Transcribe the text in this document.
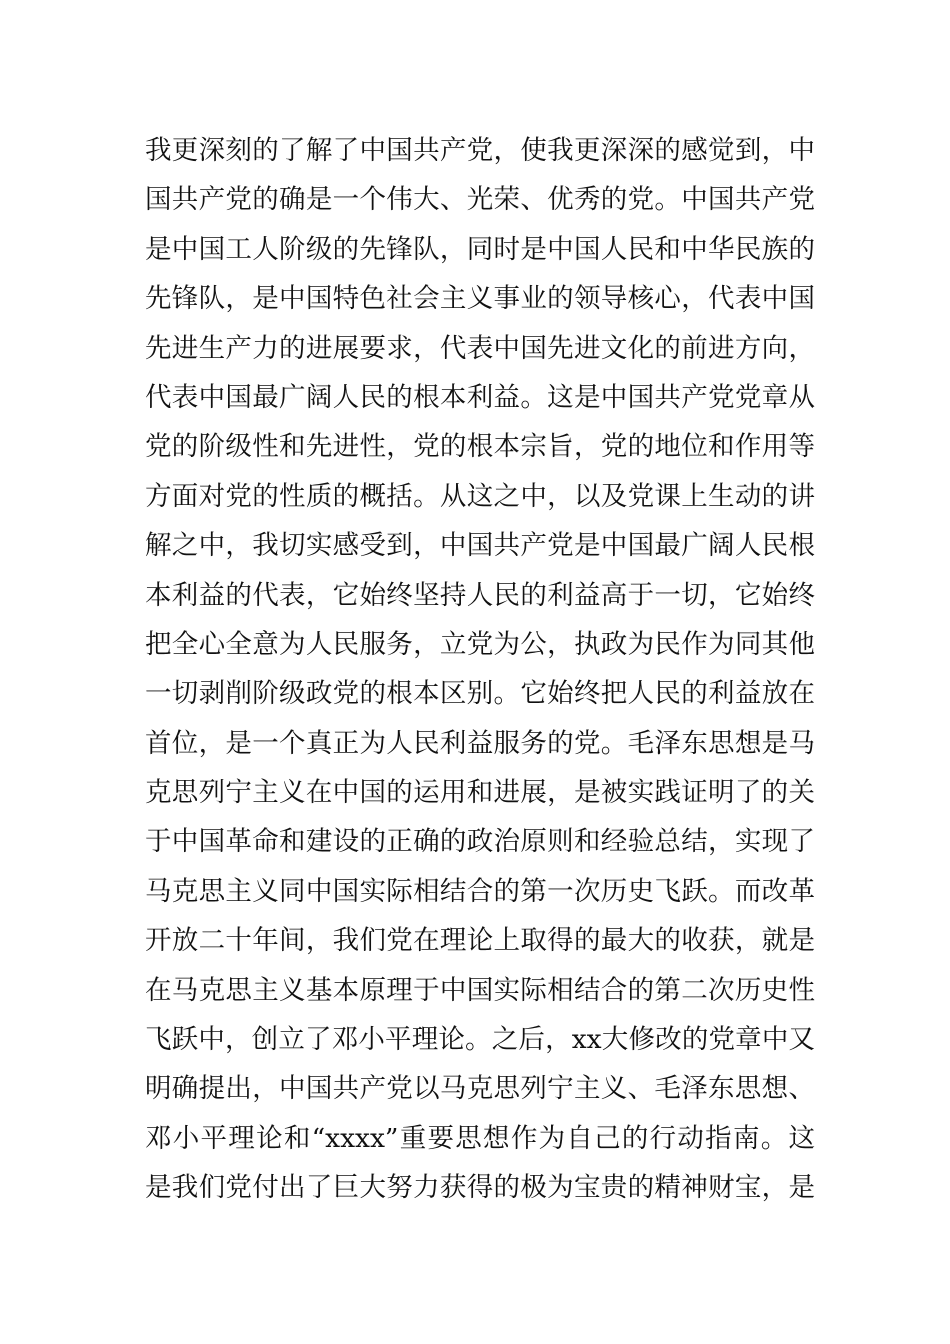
我更深刻的了解了中国共产党，使我更深深的感觉到，中
国共产党的确是一个伟大、光荣、优秀的党。中国共产党
是中国工人阶级的先锋队，同时是中国人民和中华民族的
先锋队，是中国特色社会主义事业的领导核心，代表中国
先进生产力的进展要求，代表中国先进文化的前进方向，
代表中国最广阔人民的根本利益。这是中国共产党党章从
党的阶级性和先进性，党的根本宗旨，党的地位和作用等
方面对党的性质的概括。从这之中，以及党课上生动的讲
解之中，我切实感受到，中国共产党是中国最广阔人民根
本利益的代表，它始终坚持人民的利益高于一切，它始终
把全心全意为人民服务，立党为公，执政为民作为同其他
一切剥削阶级政党的根本区别。它始终把人民的利益放在
首位，是一个真正为人民利益服务的党。毛泽东思想是马
克思列宁主义在中国的运用和进展，是被实践证明了的关
于中国革命和建设的正确的政治原则和经验总结，实现了
马克思主义同中国实际相结合的第一次历史飞跃。而改革
开放二十年间，我们党在理论上取得的最大的收获，就是
在马克思主义基本原理于中国实际相结合的第二次历史性
飞跃中，创立了邓小平理论。之后，xx大修改的党章中又
明确提出，中国共产党以马克思列宁主义、毛泽东思想、
邓小平理论和“xxxx”重要思想作为自己的行动指南。这
是我们党付出了巨大努力获得的极为宝贵的精神财宝，是
